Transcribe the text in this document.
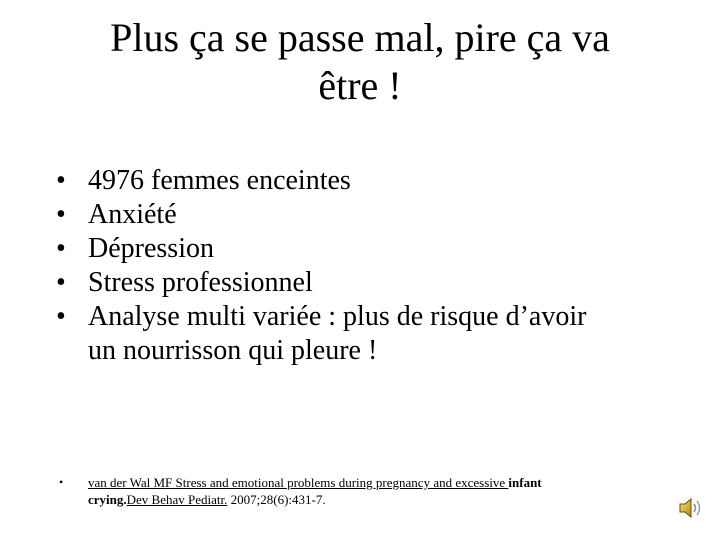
Plus ça se passe mal, pire ça va
être !
• 4976 femmes enceintes
• Anxiété
• Dépression
• Stress professionnel
• Analyse multi variée : plus de risque d’avoir
un nourrisson qui pleure !
• van der Wal MF Stress and emotional problems during pregnancy and excessive infant
crying.Dev Behav Pediatr. 2007;28(6):431-7.
